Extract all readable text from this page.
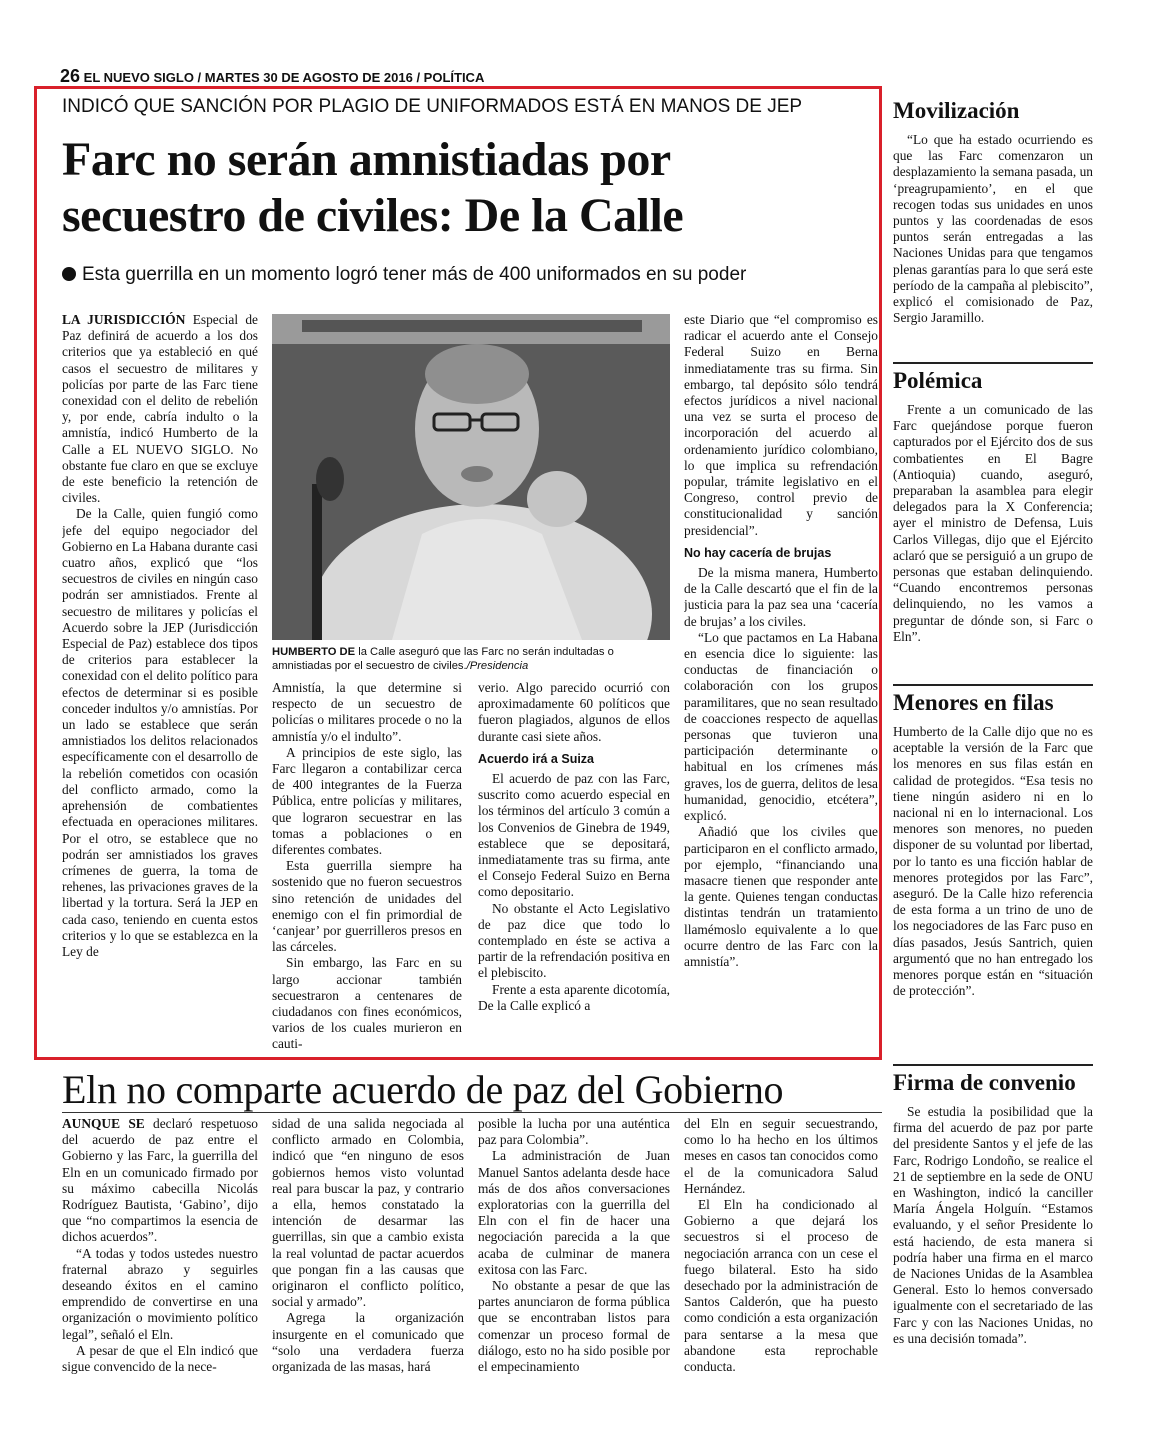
26 EL NUEVO SIGLO / MARTES 30 DE AGOSTO DE 2016 / POLÍTICA
INDICÓ QUE SANCIÓN POR PLAGIO DE UNIFORMADOS ESTÁ EN MANOS DE JEP
Farc no serán amnistiadas por
secuestro de civiles: De la Calle
Esta guerrilla en un momento logró tener más de 400 uniformados en su poder

LA JURISDICCIÓN Especial de Paz definirá de acuerdo a los dos criterios que ya estableció en qué casos el secuestro de militares y policías por parte de las Farc tiene conexidad con el delito de rebelión y, por ende, cabría indulto o la amnistía, indicó Humberto de la Calle a EL NUEVO SIGLO. No obstante fue claro en que se excluye de este beneficio la retención de civiles.

De la Calle, quien fungió como jefe del equipo negociador del Gobierno en La Habana durante casi cuatro años, explicó que “los secuestros de civiles en ningún caso podrán ser amnistiados. Frente al secuestro de militares y policías el Acuerdo sobre la JEP (Jurisdicción Especial de Paz) establece dos tipos de criterios para establecer la conexidad con el delito político para efectos de determinar si es posible conceder indultos y/o amnistías. Por un lado se establece que serán amnistiados los delitos relacionados específicamente con el desarrollo de la rebelión cometidos con ocasión del conflicto armado, como la aprehensión de combatientes efectuada en operaciones militares. Por el otro, se establece que no podrán ser amnistiados los graves crímenes de guerra, la toma de rehenes, las privaciones graves de la libertad y la tortura. Será la JEP en cada caso, teniendo en cuenta estos criterios y lo que se establezca en la Ley de

HUMBERTO DE la Calle aseguró que las Farc no serán indultadas o amnistiadas por el secuestro de civiles./Presidencia

Amnistía, la que determine si respecto de un secuestro de policías o militares procede o no la amnistía y/o el indulto”.

A principios de este siglo, las Farc llegaron a contabilizar cerca de 400 integrantes de la Fuerza Pública, entre policías y militares, que lograron secuestrar en las tomas a poblaciones o en diferentes combates.

Esta guerrilla siempre ha sostenido que no fueron secuestros sino retención de unidades del enemigo con el fin primordial de ‘canjear’ por guerrilleros presos en las cárceles.

Sin embargo, las Farc en su largo accionar también secuestraron a centenares de ciudadanos con fines económicos, varios de los cuales murieron en cauti-

verio. Algo parecido ocurrió con aproximadamente 60 políticos que fueron plagiados, algunos de ellos durante casi siete años.

Acuerdo irá a Suiza

El acuerdo de paz con las Farc, suscrito como acuerdo especial en los términos del artículo 3 común a los Convenios de Ginebra de 1949, establece que se depositará, inmediatamente tras su firma, ante el Consejo Federal Suizo en Berna como depositario.

No obstante el Acto Legislativo de paz dice que todo lo contemplado en éste se activa a partir de la refrendación positiva en el plebiscito.

Frente a esta aparente dicotomía, De la Calle explicó a

este Diario que “el compromiso es radicar el acuerdo ante el Consejo Federal Suizo en Berna inmediatamente tras su firma. Sin embargo, tal depósito sólo tendrá efectos jurídicos a nivel nacional una vez se surta el proceso de incorporación del acuerdo al ordenamiento jurídico colombiano, lo que implica su refrendación popular, trámite legislativo en el Congreso, control previo de constitucionalidad y sanción presidencial”.

No hay cacería de brujas

De la misma manera, Humberto de la Calle descartó que el fin de la justicia para la paz sea una ‘cacería de brujas’ a los civiles.

“Lo que pactamos en La Habana en esencia dice lo siguiente: las conductas de financiación o colaboración con los grupos paramilitares, que no sean resultado de coacciones respecto de aquellas personas que tuvieron una participación determinante o habitual en los crímenes más graves, los de guerra, delitos de lesa humanidad, genocidio, etcétera”, explicó.

Añadió que los civiles que participaron en el conflicto armado, por ejemplo, “financiando una masacre tienen que responder ante la gente. Quienes tengan conductas distintas tendrán un tratamiento llamémoslo equivalente a lo que ocurre dentro de las Farc con la amnistía”.

Movilización

“Lo que ha estado ocurriendo es que las Farc comenzaron un desplazamiento la semana pasada, un ‘preagrupamiento’, en el que recogen todas sus unidades en unos puntos y las coordenadas de esos puntos serán entregadas a las Naciones Unidas para que tengamos plenas garantías para lo que será este período de la campaña al plebiscito”, explicó el comisionado de Paz, Sergio Jaramillo.

Polémica

Frente a un comunicado de las Farc quejándose porque fueron capturados por el Ejército dos de sus combatientes en El Bagre (Antioquia) cuando, aseguró, preparaban la asamblea para elegir delegados para la X Conferencia; ayer el ministro de Defensa, Luis Carlos Villegas, dijo que el Ejército aclaró que se persiguió a un grupo de personas que estaban delinquiendo. “Cuando encontremos personas delinquiendo, no les vamos a preguntar de dónde son, si Farc o Eln”.

Menores en filas

Humberto de la Calle dijo que no es aceptable la versión de la Farc que los menores en sus filas están en calidad de protegidos. “Esa tesis no tiene ningún asidero ni en lo nacional ni en lo internacional. Los menores son menores, no pueden disponer de su voluntad por libertad, por lo tanto es una ficción hablar de menores protegidos por las Farc”, aseguró. De la Calle hizo referencia de esta forma a un trino de uno de los negociadores de las Farc puso en días pasados, Jesús Santrich, quien argumentó que no han entregado los menores porque están en “situación de protección”.

Firma de convenio

Se estudia la posibilidad que la firma del acuerdo de paz por parte del presidente Santos y el jefe de las Farc, Rodrigo Londoño, se realice el 21 de septiembre en la sede de ONU en Washington, indicó la canciller María Ángela Holguín. “Estamos evaluando, y el señor Presidente lo está haciendo, de esta manera si podría haber una firma en el marco de Naciones Unidas de la Asamblea General. Esto lo hemos conversado igualmente con el secretariado de las Farc y con las Naciones Unidas, no es una decisión tomada”.

Eln no comparte acuerdo de paz del Gobierno

AUNQUE SE declaró respetuoso del acuerdo de paz entre el Gobierno y las Farc, la guerrilla del Eln en un comunicado firmado por su máximo cabecilla Nicolás Rodríguez Bautista, ‘Gabino’, dijo que “no compartimos la esencia de dichos acuerdos”.

“A todas y todos ustedes nuestro fraternal abrazo y seguirles deseando éxitos en el camino emprendido de convertirse en una organización o movimiento político legal”, señaló el Eln.

A pesar de que el Eln indicó que sigue convencido de la nece-

sidad de una salida negociada al conflicto armado en Colombia, indicó que “en ninguno de esos gobiernos hemos visto voluntad real para buscar la paz, y contrario a ella, hemos constatado la intención de desarmar las guerrillas, sin que a cambio exista la real voluntad de pactar acuerdos que pongan fin a las causas que originaron el conflicto político, social y armado”.

Agrega la organización insurgente en el comunicado que “solo una verdadera fuerza organizada de las masas, hará

posible la lucha por una auténtica paz para Colombia”.

La administración de Juan Manuel Santos adelanta desde hace más de dos años conversaciones exploratorias con la guerrilla del Eln con el fin de hacer una negociación parecida a la que acaba de culminar de manera exitosa con las Farc.

No obstante a pesar de que las partes anunciaron de forma pública que se encontraban listos para comenzar un proceso formal de diálogo, esto no ha sido posible por el empecinamiento

del Eln en seguir secuestrando, como lo ha hecho en los últimos meses en casos tan conocidos como el de la comunicadora Salud Hernández.

El Eln ha condicionado al Gobierno a que dejará los secuestros si el proceso de negociación arranca con un cese el fuego bilateral. Esto ha sido desechado por la administración de Santos Calderón, que ha puesto como condición a esta organización para sentarse a la mesa que abandone esta reprochable conducta.
